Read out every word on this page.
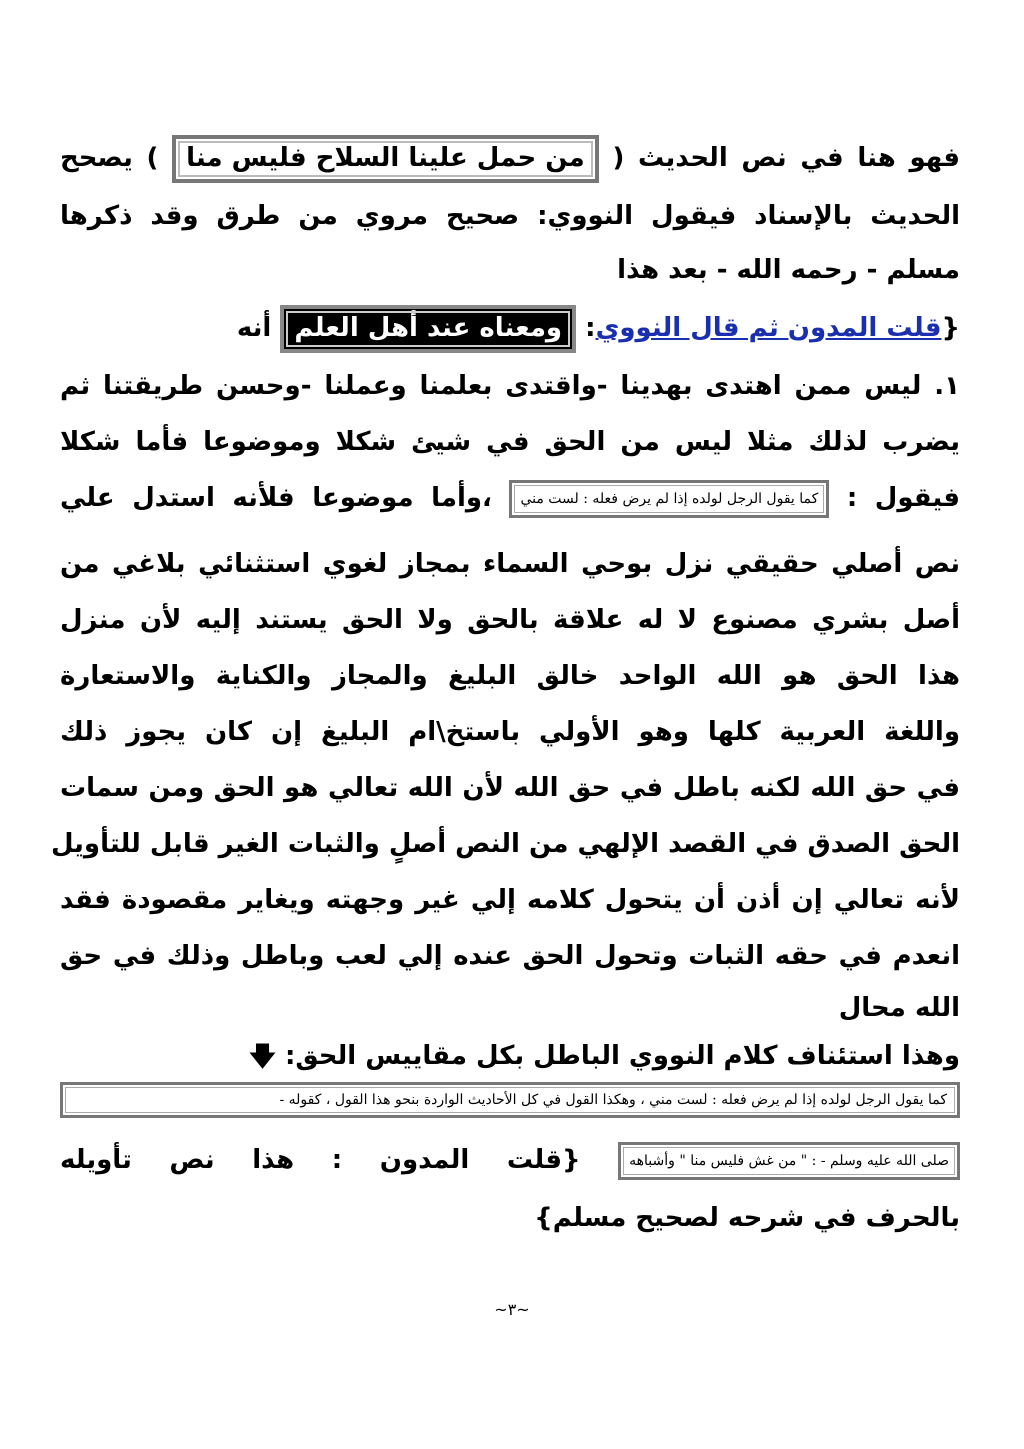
فهو هنا في نص الحديث ( من حمل علينا السلاح فليس منا ) يصحح
الحديث بالإسناد فيقول النووي: صحيح مروي من طرق وقد ذكرها
مسلم - رحمه الله - بعد هذا
{قلت المدون ثم قال النووي: ومعناه عند أهل العلم أنه
١. ليس ممن اهتدى بهدينا -واقتدى بعلمنا وعملنا -وحسن طريقتنا ثم
يضرب لذلك مثلا ليس من الحق في شيئ شكلا وموضوعا فأما شكلا
فيقول : كما يقول الرجل لولده إذا لم يرض فعله : لست مني ،وأما موضوعا فلأنه استدل علي
نص أصلي حقيقي نزل بوحي السماء بمجاز لغوي استثنائي بلاغي من
أصل بشري مصنوع لا له علاقة بالحق ولا الحق يستند إليه لأن منزل
هذا الحق هو الله الواحد خالق البليغ والمجاز والكناية والاستعارة
واللغة العربية كلها وهو الأولي باستخ\ام البليغ إن كان يجوز ذلك
في حق الله لكنه باطل في حق الله لأن الله تعالي هو الحق ومن سمات
الحق الصدق في القصد الإلهي من النص أصلٍ والثبات الغير قابل للتأويل
لأنه تعالي إن أذن أن يتحول كلامه إلي غير وجهته ويغاير مقصودة فقد
انعدم في حقه الثبات وتحول الحق عنده إلي لعب وباطل وذلك في حق
الله محال
وهذا استئناف كلام النووي الباطل بكل مقاييس الحق: 🡇
كما يقول الرجل لولده إذا لم يرض فعله : لست مني ، وهكذا القول في كل الأحاديث الواردة بنحو هذا القول ، كقوله -
صلى الله عليه وسلم - : " من غش فليس منا " وأشباهه {قلت المدون : هذا نص تأويله
بالحرف في شرحه لصحيح مسلم}
~٣~
